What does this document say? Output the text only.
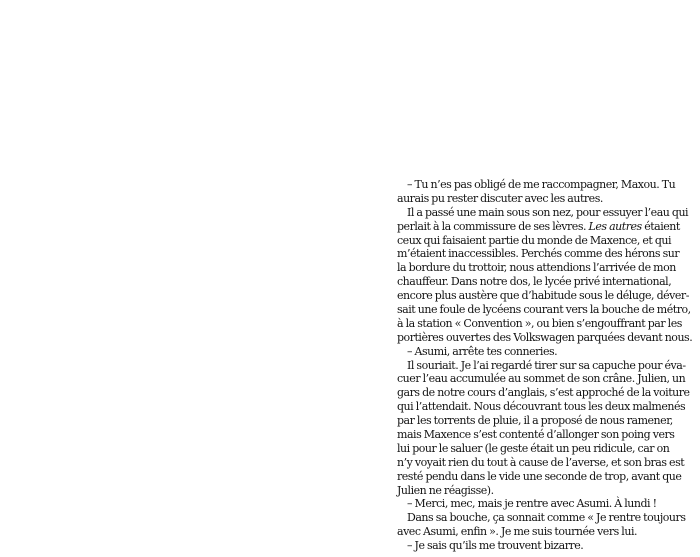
– Tu n’es pas obligé de me raccompagner, Maxou. Tu
aurais pu rester discuter avec les autres.
Il a passé une main sous son nez, pour essuyer l’eau qui
perlait à la commissure de ses lèvres. Les autres étaient
ceux qui faisaient partie du monde de Maxence, et qui
m’étaient inaccessibles. Perchés comme des hérons sur
la bordure du trottoir, nous attendions l’arrivée de mon
chauffeur. Dans notre dos, le lycée privé international,
encore plus austère que d’habitude sous le déluge, déver-
sait une foule de lycéens courant vers la bouche de métro,
à la station « Convention », ou bien s’engouffrant par les
portières ouvertes des Volkswagen parquées devant nous.
– Asumi, arrête tes conneries.
Il souriait. Je l’ai regardé tirer sur sa capuche pour éva-
cuer l’eau accumulée au sommet de son crâne. Julien, un
gars de notre cours d’anglais, s’est approché de la voiture
qui l’attendait. Nous découvrant tous les deux malmenés
par les torrents de pluie, il a proposé de nous ramener,
mais Maxence s’est contenté d’allonger son poing vers
lui pour le saluer (le geste était un peu ridicule, car on
n’y voyait rien du tout à cause de l’averse, et son bras est
resté pendu dans le vide une seconde de trop, avant que
Julien ne réagisse).
– Merci, mec, mais je rentre avec Asumi. À lundi !
Dans sa bouche, ça sonnait comme « Je rentre toujours
avec Asumi, enfin ». Je me suis tournée vers lui.
– Je sais qu’ils me trouvent bizarre.
